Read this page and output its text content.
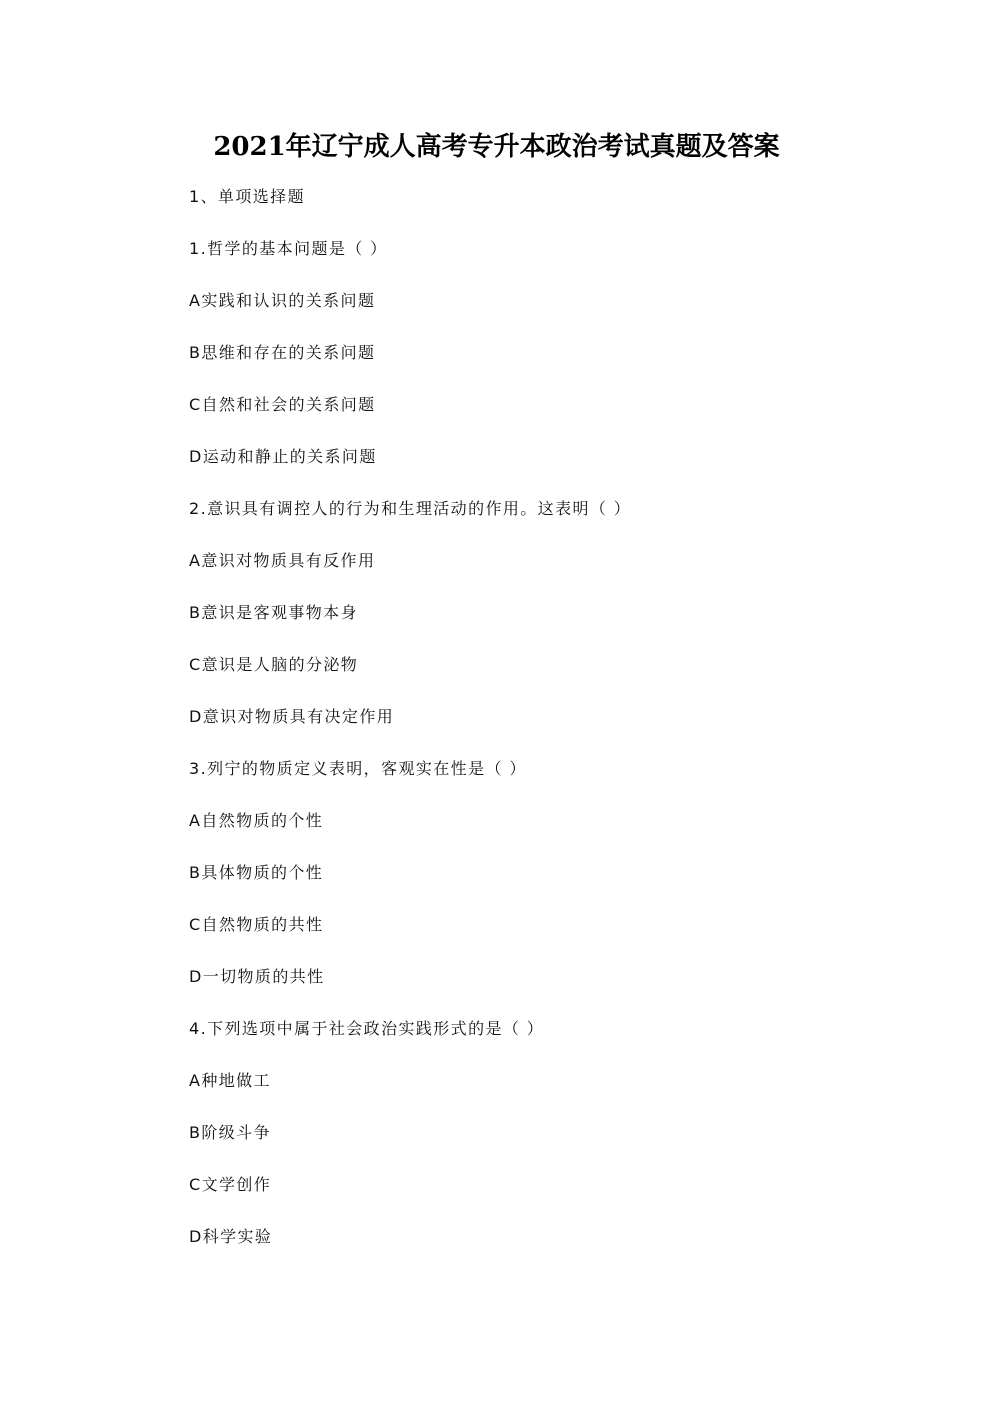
2021年辽宁成人高考专升本政治考试真题及答案

1、单项选择题

1.哲学的基本问题是（ ）

A实践和认识的关系问题

B思维和存在的关系问题

C自然和社会的关系问题

D运动和静止的关系问题

2.意识具有调控人的行为和生理活动的作用。这表明（ ）

A意识对物质具有反作用

B意识是客观事物本身

C意识是人脑的分泌物

D意识对物质具有决定作用

3.列宁的物质定义表明，客观实在性是（ ）

A自然物质的个性

B具体物质的个性

C自然物质的共性

D一切物质的共性

4.下列选项中属于社会政治实践形式的是（ ）

A种地做工

B阶级斗争

C文学创作

D科学实验
